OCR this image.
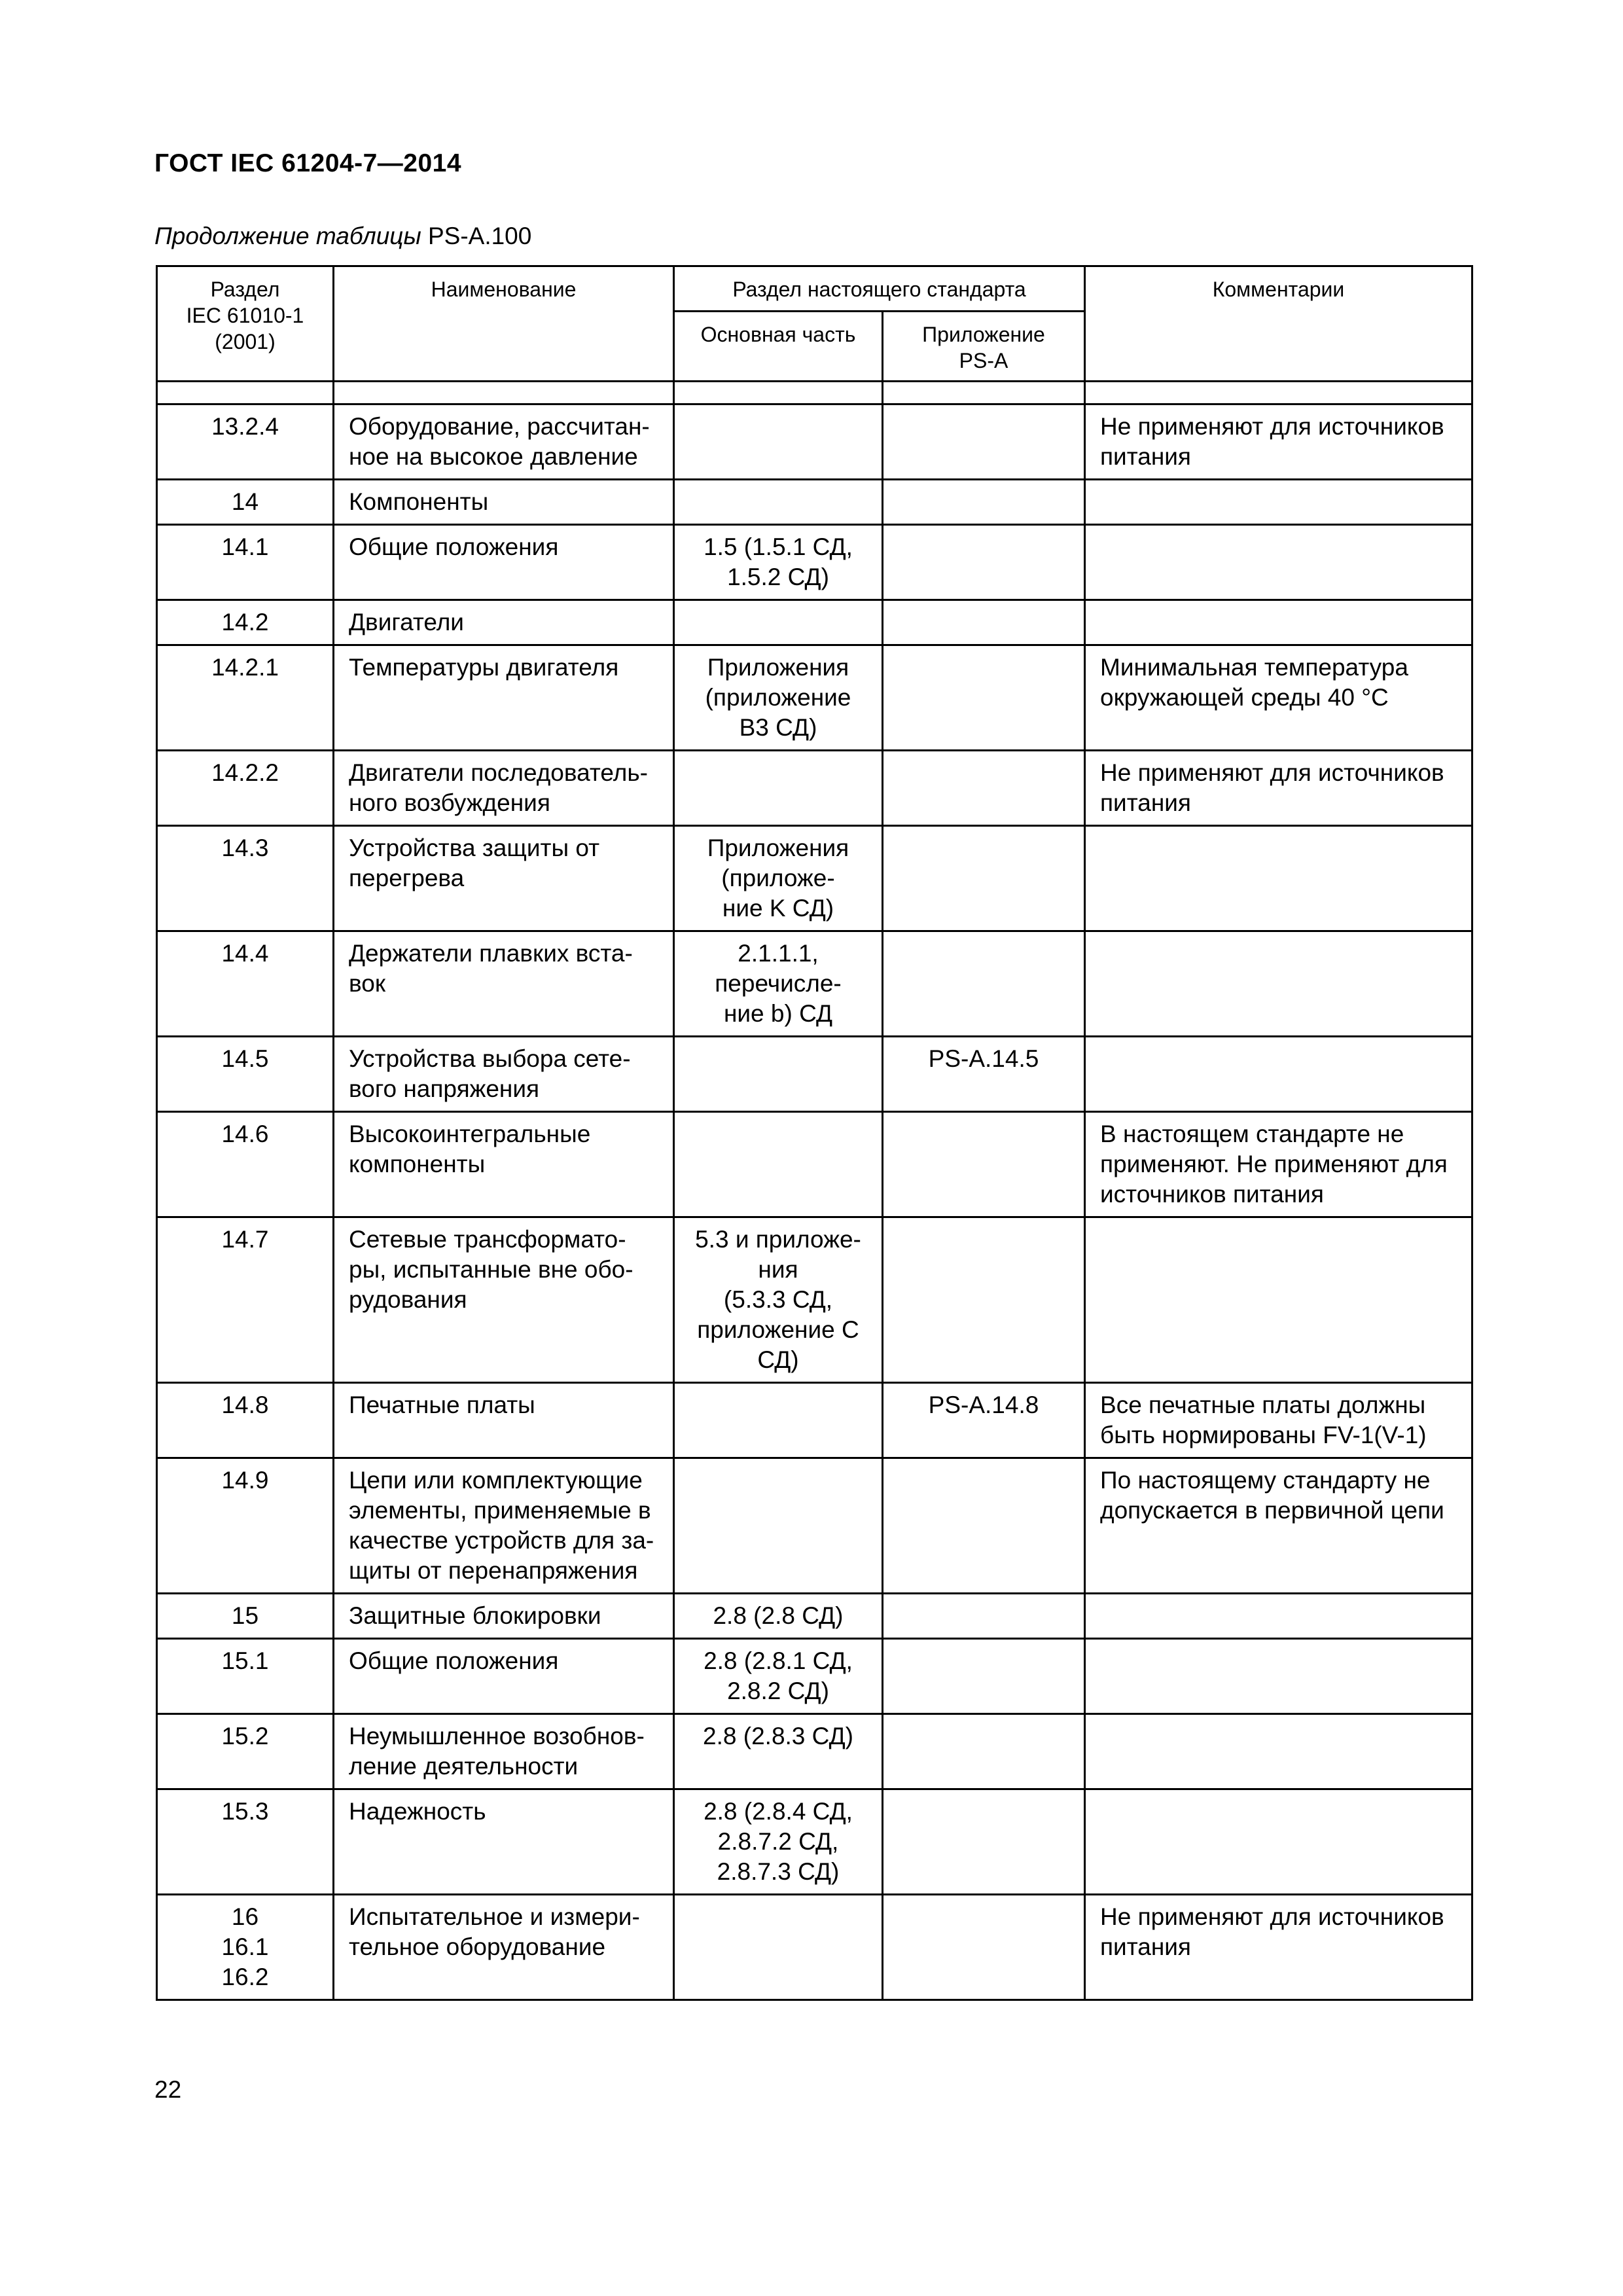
ГОСТ IEC 61204-7—2014
Продолжение таблицы PS-A.100
Раздел
IEC 61010-1
(2001)	Наименование	Раздел настоящего стандарта		Комментарии
		Основная часть	Приложение
PS-A	

13.2.4	Оборудование, рассчитан-
ное на высокое давление			Не применяют для источников
питания

14	Компоненты			

14.1	Общие положения	1.5 (1.5.1 СД,
1.5.2 СД)		

14.2	Двигатели			

14.2.1	Температуры двигателя	Приложения
(приложение
В3 СД)		Минимальная температура
окружающей среды 40 °С

14.2.2	Двигатели последователь-
ного возбуждения			Не применяют для источников
питания

14.3	Устройства защиты от
перегрева	Приложения
(приложе-
ние K СД)		

14.4	Держатели плавких вста-
вок	2.1.1.1,
перечисле-
ние b) СД		

14.5	Устройства выбора сете-
вого напряжения		PS-A.14.5	

14.6	Высокоинтегральные
компоненты			В настоящем стандарте не
применяют. Не применяют для
источников питания

14.7	Сетевые трансформато-
ры, испытанные вне обо-
рудования	5.3 и приложе-
ния
(5.3.3 СД,
приложение С
СД)		

14.8	Печатные платы		PS-A.14.8	Все печатные платы должны
быть нормированы FV-1(V-1)

14.9	Цепи или комплектующие
элементы, применяемые в
качестве устройств для за-
щиты от перенапряжения			По настоящему стандарту не
допускается в первичной цепи

15	Защитные блокировки	2.8 (2.8 СД)		

15.1	Общие положения	2.8 (2.8.1 СД,
2.8.2 СД)		

15.2	Неумышленное возобнов-
ление деятельности	2.8 (2.8.3 СД)		

15.3	Надежность	2.8 (2.8.4 СД,
2.8.7.2 СД,
2.8.7.3 СД)		

16
16.1
16.2	Испытательное и измери-
тельное оборудование			Не применяют для источников
питания
22
